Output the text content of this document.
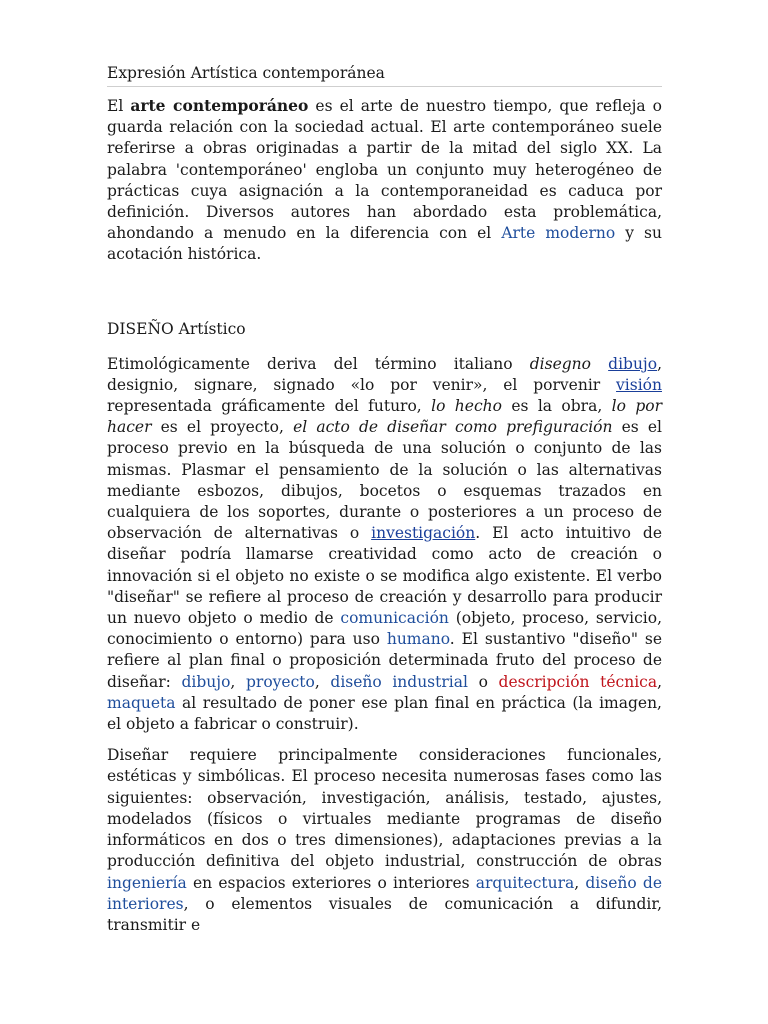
Expresión Artística contemporánea

El arte contemporáneo es el arte de nuestro tiempo, que refleja o guarda relación con la sociedad actual. El arte contemporáneo suele referirse a obras originadas a partir de la mitad del siglo XX. La palabra 'contemporáneo' engloba un conjunto muy heterogéneo de prácticas cuya asignación a la contemporaneidad es caduca por definición. Diversos autores han abordado esta problemática, ahondando a menudo en la diferencia con el Arte moderno y su acotación histórica.

DISEÑO Artístico

Etimológicamente deriva del término italiano disegno dibujo, designio, signare, signado «lo por venir», el porvenir visión representada gráficamente del futuro, lo hecho es la obra, lo por hacer es el proyecto, el acto de diseñar como prefiguración es el proceso previo en la búsqueda de una solución o conjunto de las mismas. Plasmar el pensamiento de la solución o las alternativas mediante esbozos, dibujos, bocetos o esquemas trazados en cualquiera de los soportes, durante o posteriores a un proceso de observación de alternativas o investigación. El acto intuitivo de diseñar podría llamarse creatividad como acto de creación o innovación si el objeto no existe o se modifica algo existente. El verbo "diseñar" se refiere al proceso de creación y desarrollo para producir un nuevo objeto o medio de comunicación (objeto, proceso, servicio, conocimiento o entorno) para uso humano. El sustantivo "diseño" se refiere al plan final o proposición determinada fruto del proceso de diseñar: dibujo, proyecto, diseño industrial o descripción técnica, maqueta al resultado de poner ese plan final en práctica (la imagen, el objeto a fabricar o construir).

Diseñar requiere principalmente consideraciones funcionales, estéticas y simbólicas. El proceso necesita numerosas fases como las siguientes: observación, investigación, análisis, testado, ajustes, modelados (físicos o virtuales mediante programas de diseño informáticos en dos o tres dimensiones), adaptaciones previas a la producción definitiva del objeto industrial, construcción de obras ingeniería en espacios exteriores o interiores arquitectura, diseño de interiores, o elementos visuales de comunicación a difundir, transmitir e
